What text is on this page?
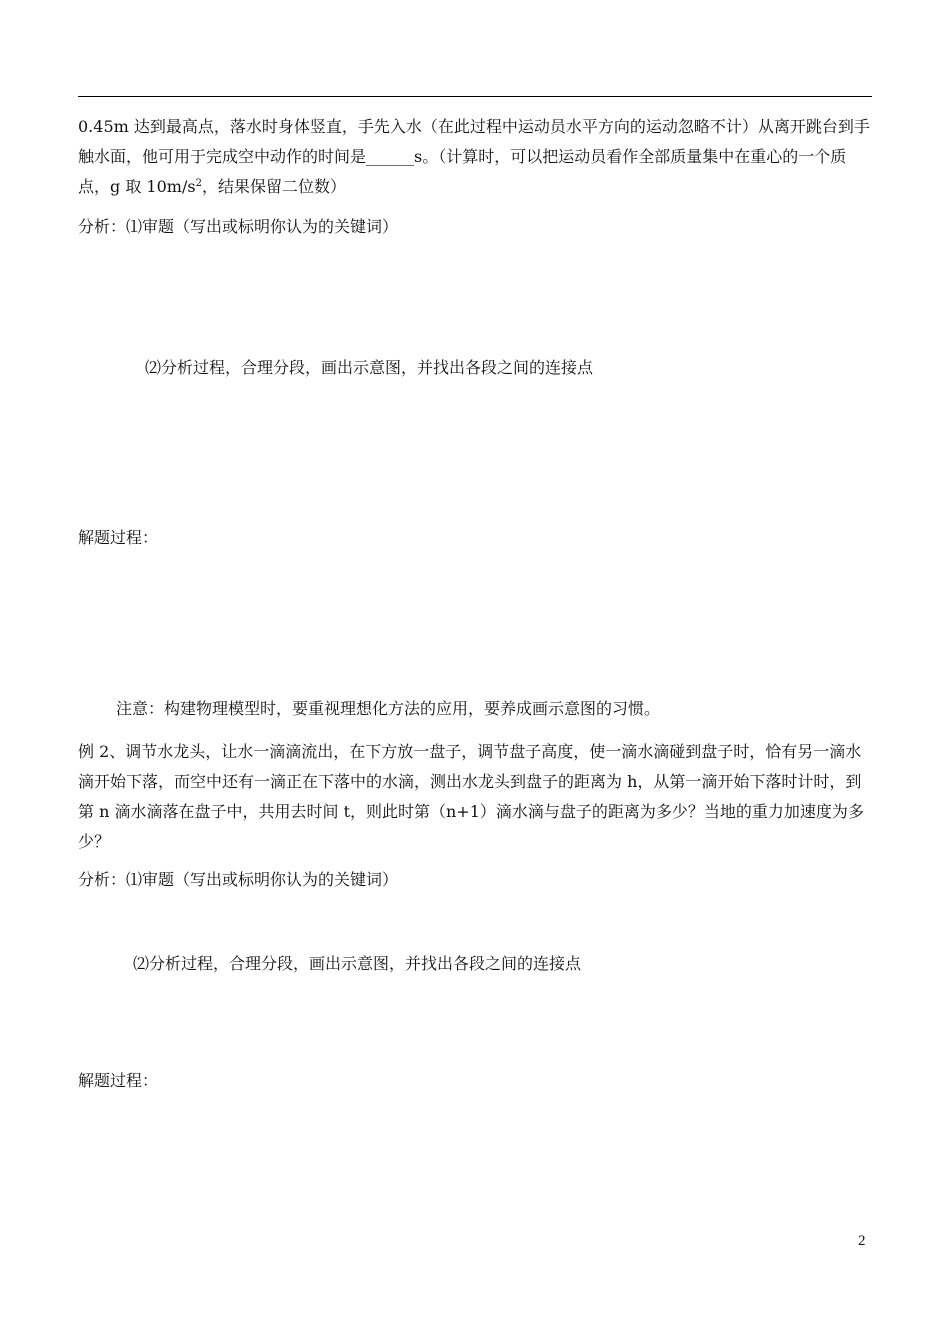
0.45m 达到最高点，落水时身体竖直，手先入水（在此过程中运动员水平方向的运动忽略不计）从离开跳台到手触水面，他可用于完成空中动作的时间是______s。（计算时，可以把运动员看作全部质量集中在重心的一个质点，g 取 $10m/s^2$，结果保留二位数）

分析：⑴审题（写出或标明你认为的关键词）

⑵分析过程，合理分段，画出示意图，并找出各段之间的连接点

解题过程：

注意：构建物理模型时，要重视理想化方法的应用，要养成画示意图的习惯。

例 2、调节水龙头，让水一滴滴流出，在下方放一盘子，调节盘子高度，使一滴水滴碰到盘子时，恰有另一滴水滴开始下落，而空中还有一滴正在下落中的水滴，测出水龙头到盘子的距离为 h，从第一滴开始下落时计时，到第 n 滴水滴落在盘子中，共用去时间 t，则此时第（n+1）滴水滴与盘子的距离为多少？当地的重力加速度为多少？

分析：⑴审题（写出或标明你认为的关键词）

⑵分析过程，合理分段，画出示意图，并找出各段之间的连接点

解题过程：

2
